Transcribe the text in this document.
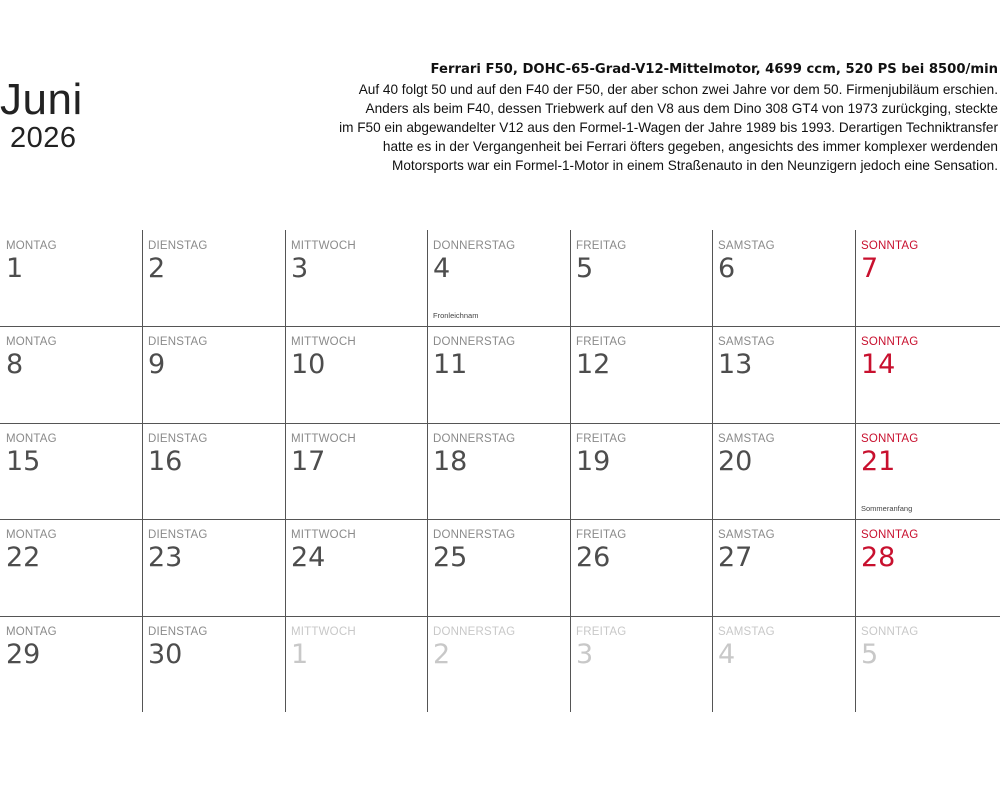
Juni
2026

Ferrari F50, DOHC-65-Grad-V12-Mittelmotor, 4699 ccm, 520 PS bei 8500/min

Auf 40 folgt 50 und auf den F40 der F50, der aber schon zwei Jahre vor dem 50. Firmenjubiläum erschien.
Anders als beim F40, dessen Triebwerk auf den V8 aus dem Dino 308 GT4 von 1973 zurückging, steckte
im F50 ein abgewandelter V12 aus den Formel-1-Wagen der Jahre 1989 bis 1993. Derartigen Techniktransfer
hatte es in der Vergangenheit bei Ferrari öfters gegeben, angesichts des immer komplexer werdenden
Motorsports war ein Formel-1-Motor in einem Straßenauto in den Neunzigern jedoch eine Sensation.

MONTAG
1
DIENSTAG
2
MITTWOCH
3
DONNERSTAG
4
Fronleichnam
FREITAG
5
SAMSTAG
6
SONNTAG
7
MONTAG
8
DIENSTAG
9
MITTWOCH
10
DONNERSTAG
11
FREITAG
12
SAMSTAG
13
SONNTAG
14
MONTAG
15
DIENSTAG
16
MITTWOCH
17
DONNERSTAG
18
FREITAG
19
SAMSTAG
20
SONNTAG
21
Sommeranfang
MONTAG
22
DIENSTAG
23
MITTWOCH
24
DONNERSTAG
25
FREITAG
26
SAMSTAG
27
SONNTAG
28
MONTAG
29
DIENSTAG
30
MITTWOCH
1
DONNERSTAG
2
FREITAG
3
SAMSTAG
4
SONNTAG
5
